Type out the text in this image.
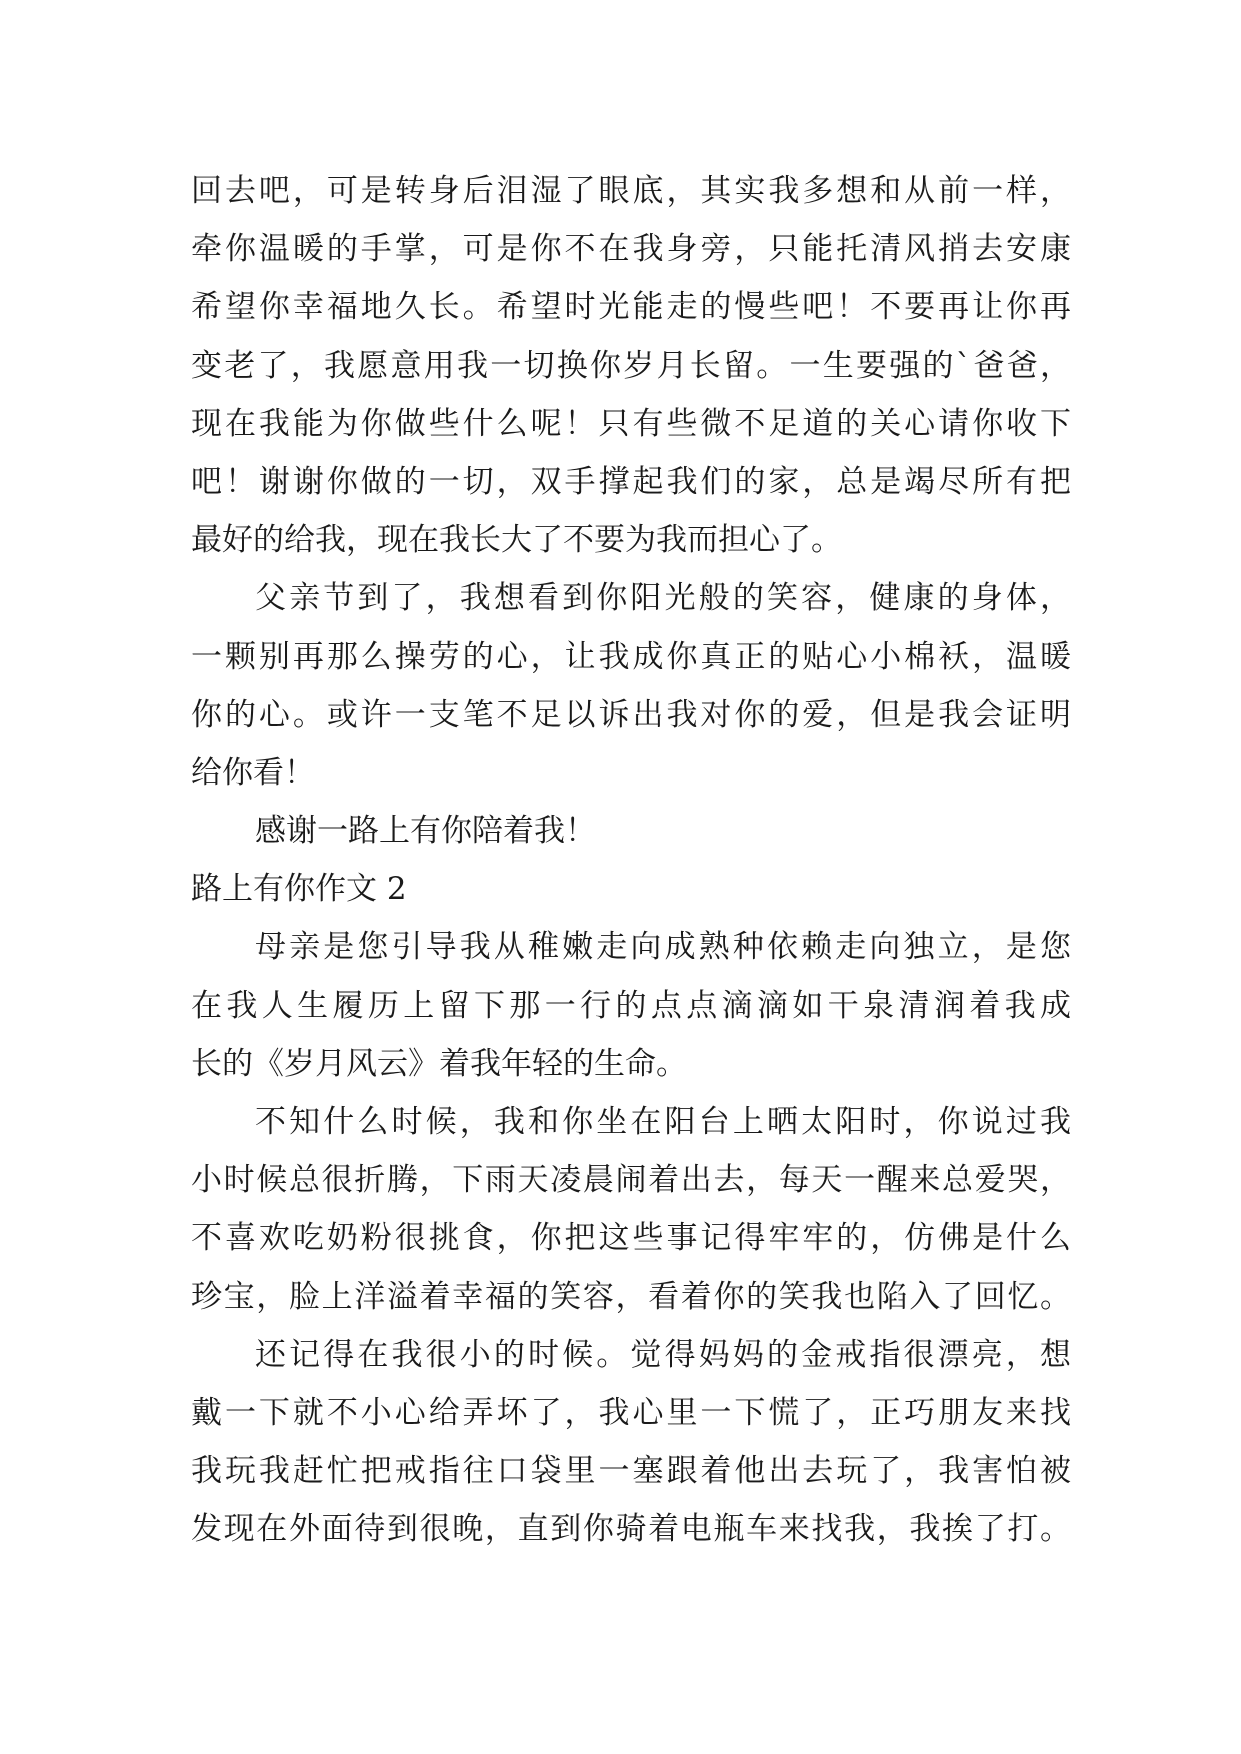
回去吧，可是转身后泪湿了眼底，其实我多想和从前一样，
牵你温暖的手掌，可是你不在我身旁，只能托清风捎去安康
希望你幸福地久长。希望时光能走的慢些吧！不要再让你再
变老了，我愿意用我一切换你岁月长留。一生要强的`爸爸，
现在我能为你做些什么呢！只有些微不足道的关心请你收下
吧！谢谢你做的一切，双手撑起我们的家，总是竭尽所有把
最好的给我，现在我长大了不要为我而担心了。
父亲节到了，我想看到你阳光般的笑容，健康的身体，
一颗别再那么操劳的心，让我成你真正的贴心小棉袄，温暖
你的心。或许一支笔不足以诉出我对你的爱，但是我会证明
给你看！
感谢一路上有你陪着我！
路上有你作文 2
母亲是您引导我从稚嫩走向成熟种依赖走向独立，是您
在我人生履历上留下那一行的点点滴滴如干泉清润着我成
长的《岁月风云》着我年轻的生命。
不知什么时候，我和你坐在阳台上晒太阳时，你说过我
小时候总很折腾，下雨天凌晨闹着出去，每天一醒来总爱哭，
不喜欢吃奶粉很挑食，你把这些事记得牢牢的，仿佛是什么
珍宝，脸上洋溢着幸福的笑容，看着你的笑我也陷入了回忆。
还记得在我很小的时候。觉得妈妈的金戒指很漂亮，想
戴一下就不小心给弄坏了，我心里一下慌了，正巧朋友来找
我玩我赶忙把戒指往口袋里一塞跟着他出去玩了，我害怕被
发现在外面待到很晚，直到你骑着电瓶车来找我，我挨了打。
